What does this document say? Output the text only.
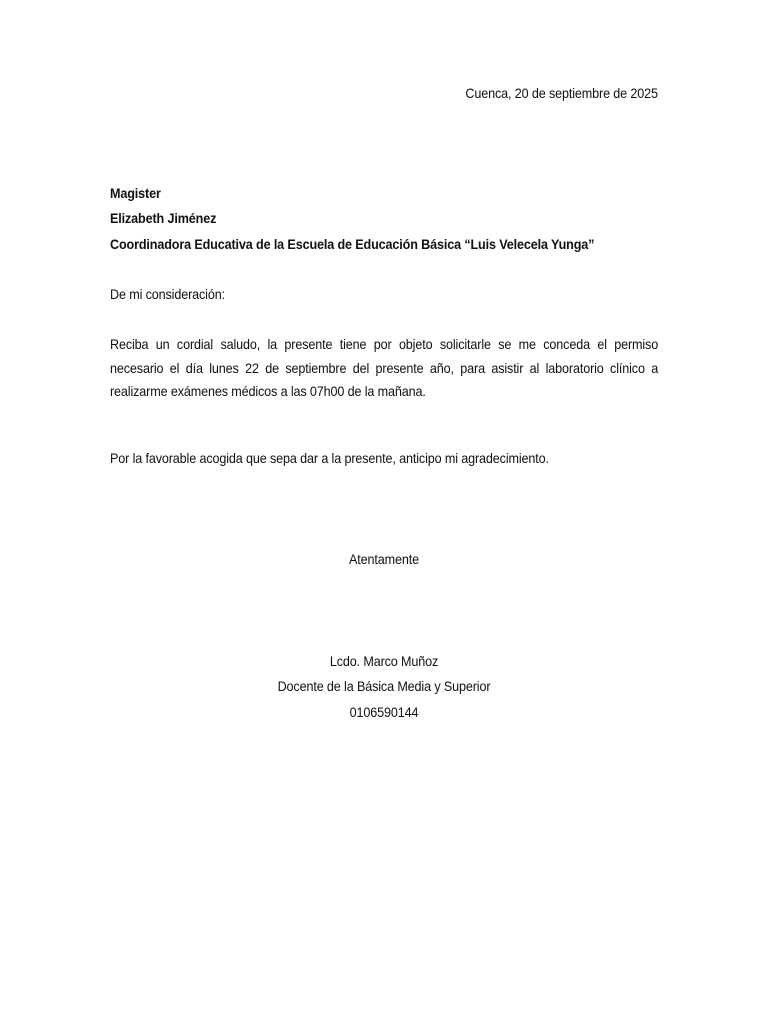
Cuenca, 20 de septiembre de 2025
Magister
Elizabeth Jiménez
Coordinadora Educativa de la Escuela de Educación Básica “Luis Velecela Yunga”
De mi consideración:
Reciba un cordial saludo, la presente tiene por objeto solicitarle se me conceda el permiso necesario el día lunes 22 de septiembre del presente año, para asistir al laboratorio clínico a realizarme exámenes médicos a las 07h00 de la mañana.
Por la favorable acogida que sepa dar a la presente, anticipo mi agradecimiento.
Atentamente
Lcdo. Marco Muñoz
Docente de la Básica Media y Superior
0106590144
